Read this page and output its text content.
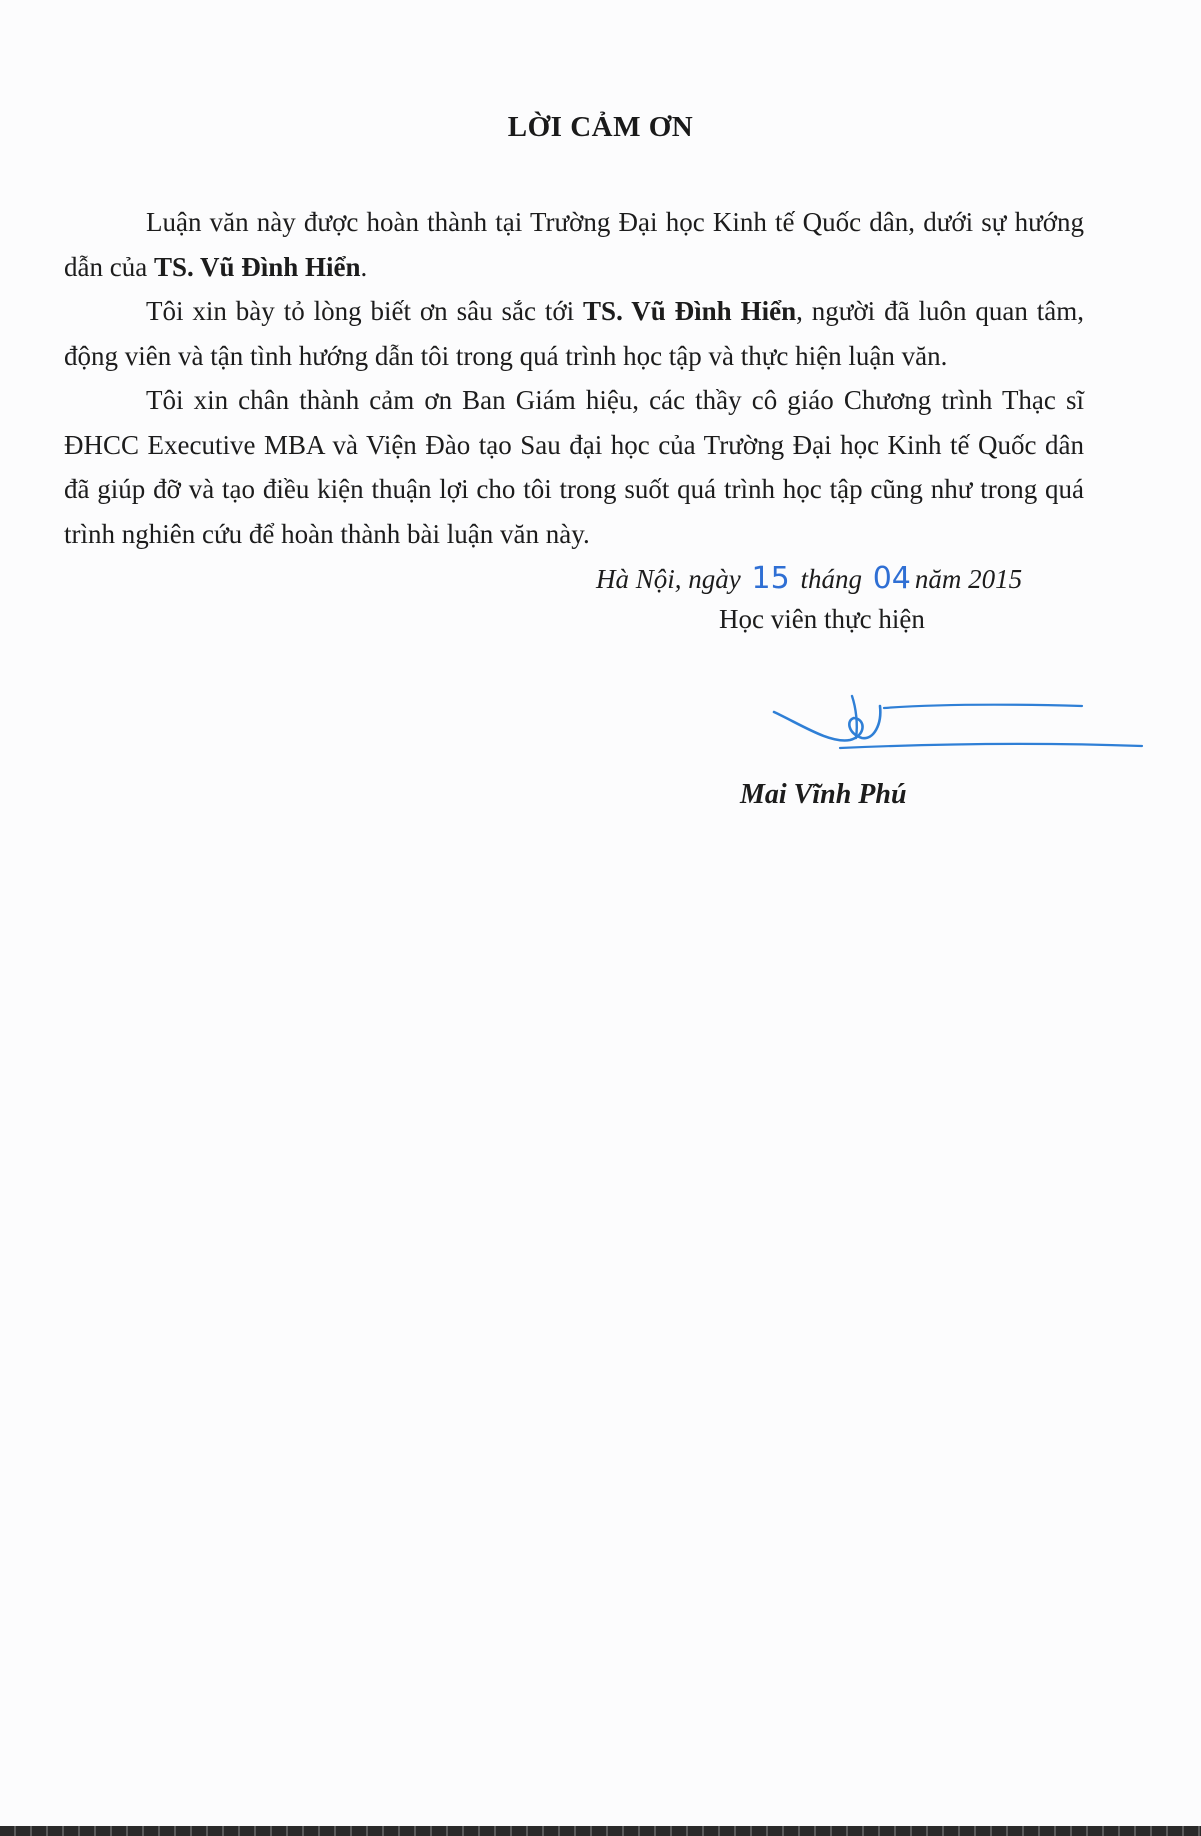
LỜI CẢM ƠN

Luận văn này được hoàn thành tại Trường Đại học Kinh tế Quốc dân, dưới sự hướng dẫn của TS. Vũ Đình Hiển.

Tôi xin bày tỏ lòng biết ơn sâu sắc tới TS. Vũ Đình Hiển, người đã luôn quan tâm, động viên và tận tình hướng dẫn tôi trong quá trình học tập và thực hiện luận văn.

Tôi xin chân thành cảm ơn Ban Giám hiệu, các thầy cô giáo Chương trình Thạc sĩ ĐHCC Executive MBA và Viện Đào tạo Sau đại học của Trường Đại học Kinh tế Quốc dân đã giúp đỡ và tạo điều kiện thuận lợi cho tôi trong suốt quá trình học tập cũng như trong quá trình nghiên cứu để hoàn thành bài luận văn này.

Hà Nội, ngày 15 tháng 04 năm 2015
Học viên thực hiện
Mai Vĩnh Phú
